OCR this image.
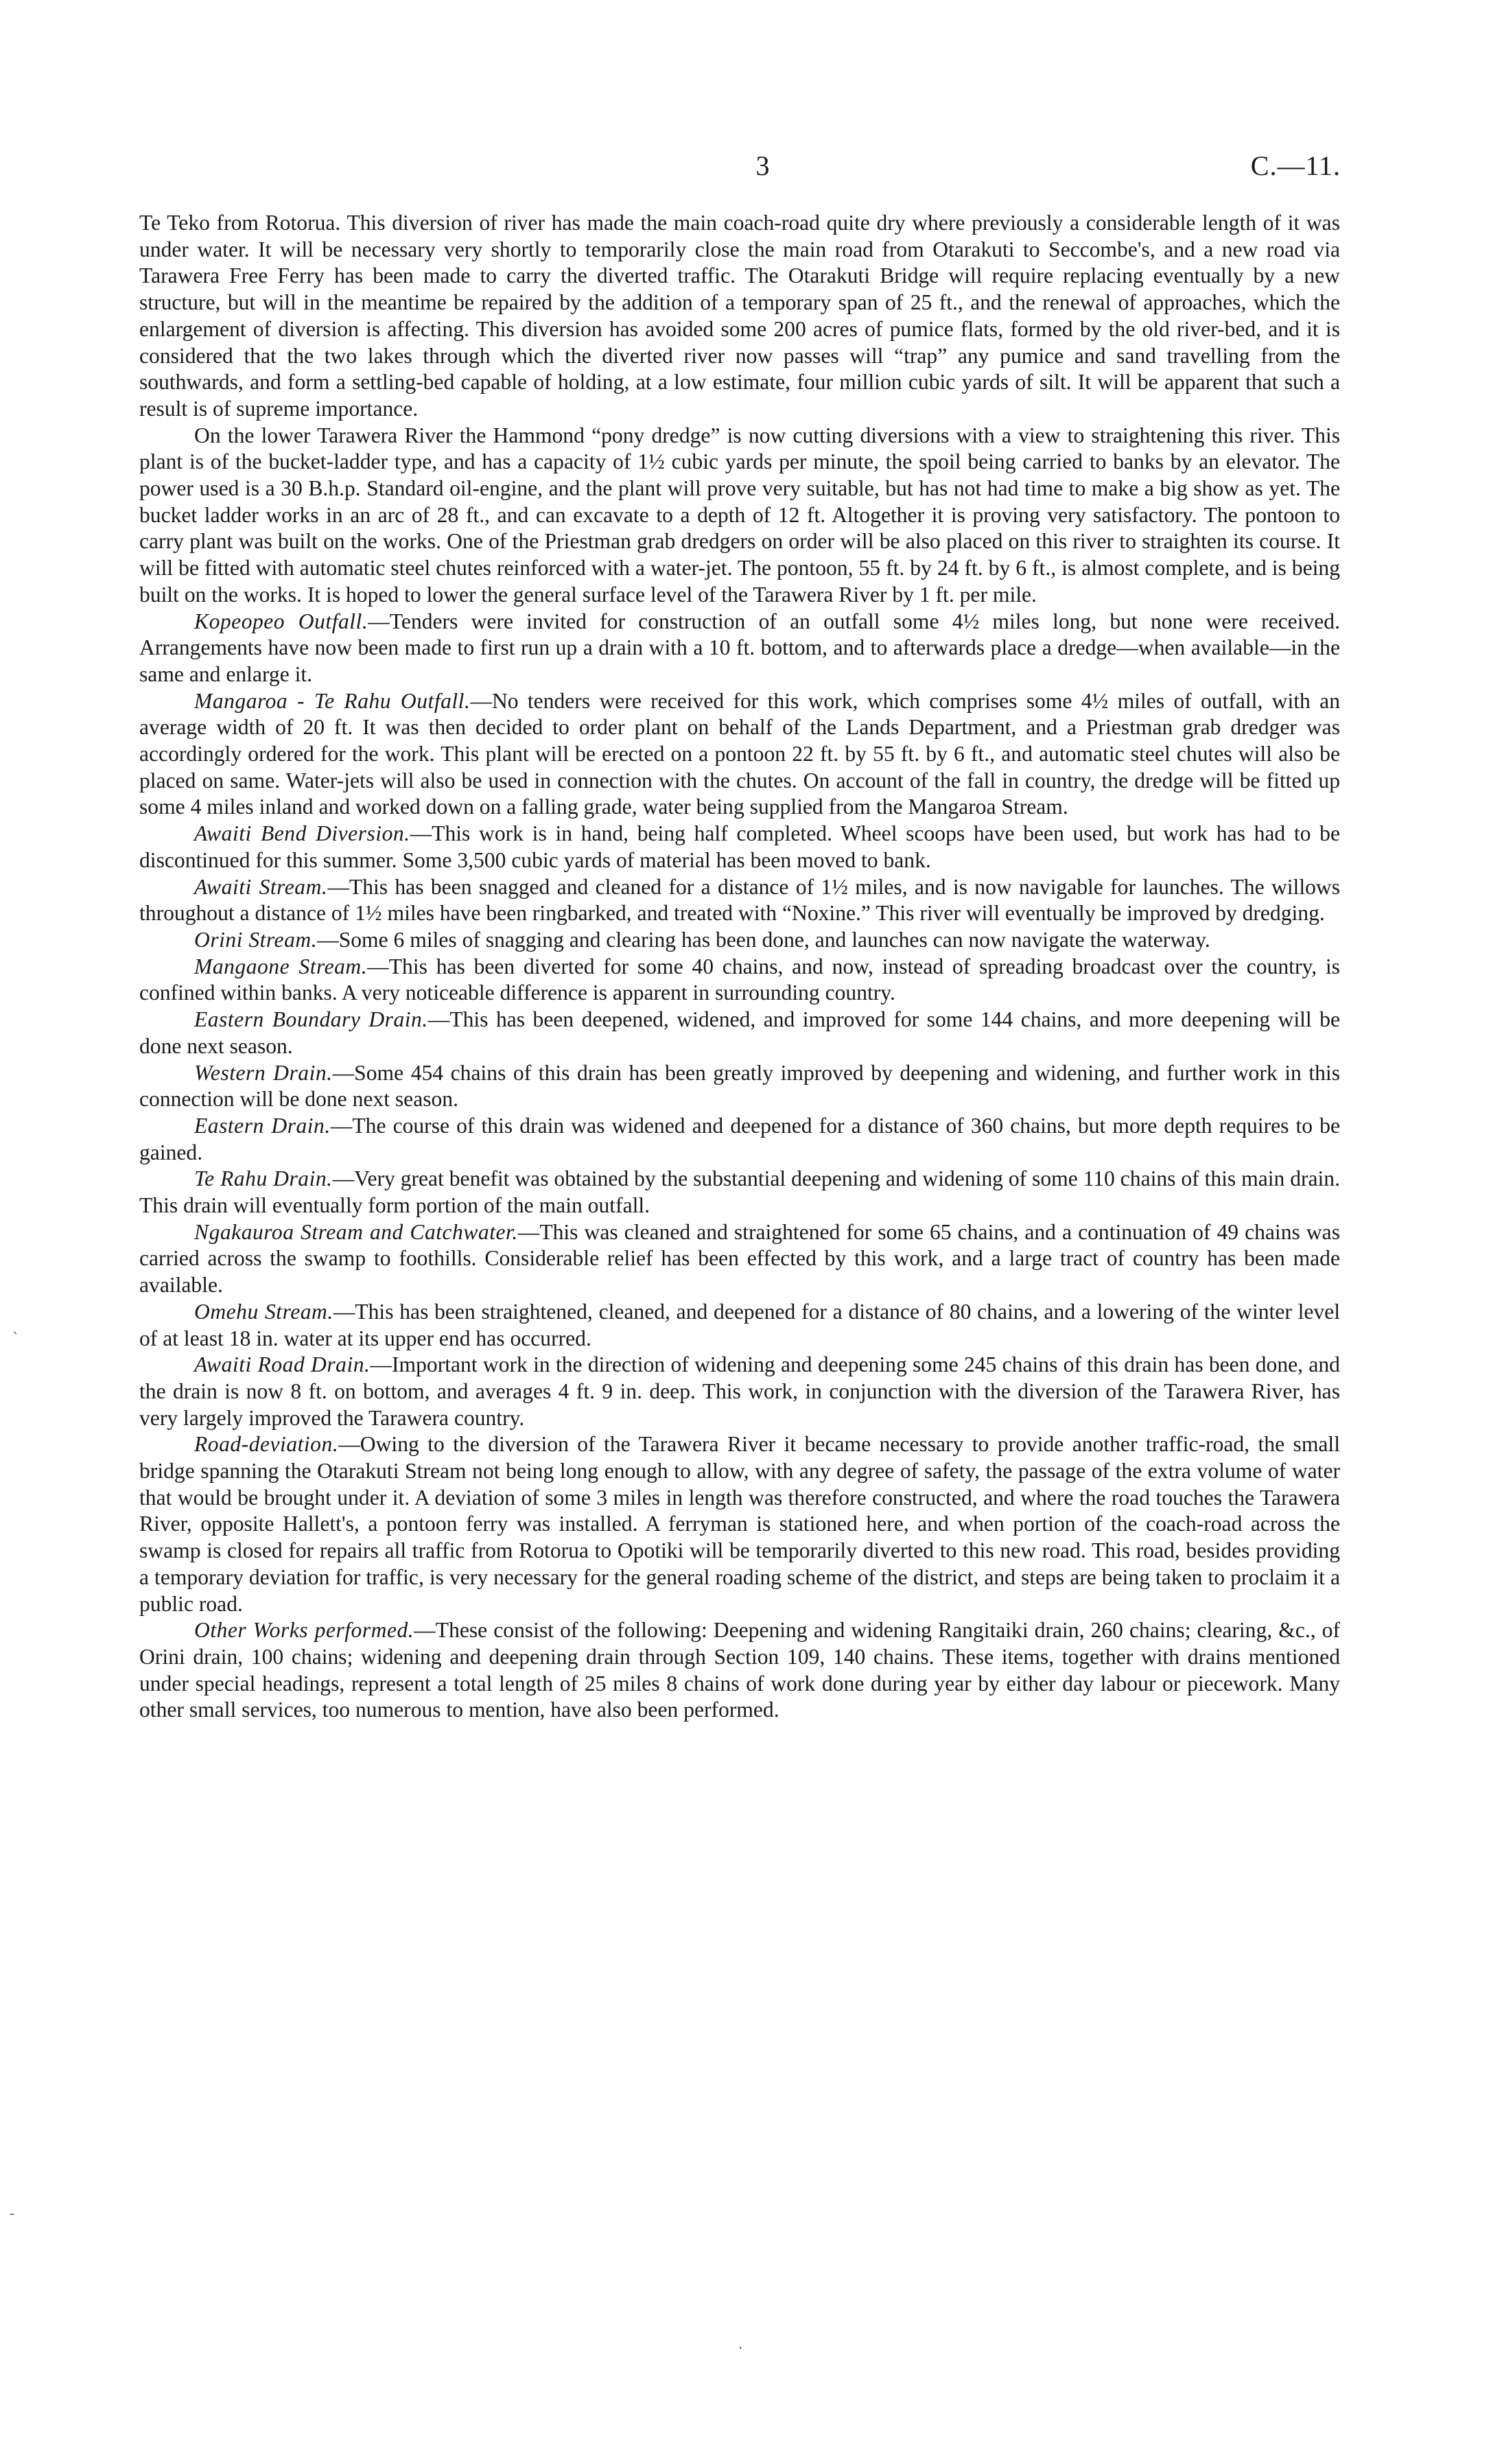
3	C.—11.

Te Teko from Rotorua. This diversion of river has made the main coach-road quite dry where previously a considerable length of it was under water. It will be necessary very shortly to temporarily close the main road from Otarakuti to Seccombe's, and a new road via Tarawera Free Ferry has been made to carry the diverted traffic. The Otarakuti Bridge will require replacing eventually by a new structure, but will in the meantime be repaired by the addition of a temporary span of 25 ft., and the renewal of approaches, which the enlargement of diversion is affecting. This diversion has avoided some 200 acres of pumice flats, formed by the old river-bed, and it is considered that the two lakes through which the diverted river now passes will “trap” any pumice and sand travelling from the southwards, and form a settling-bed capable of holding, at a low estimate, four million cubic yards of silt. It will be apparent that such a result is of supreme importance.

On the lower Tarawera River the Hammond “pony dredge” is now cutting diversions with a view to straightening this river. This plant is of the bucket-ladder type, and has a capacity of 1½ cubic yards per minute, the spoil being carried to banks by an elevator. The power used is a 30 B.h.p. Standard oil-engine, and the plant will prove very suitable, but has not had time to make a big show as yet. The bucket ladder works in an arc of 28 ft., and can excavate to a depth of 12 ft. Altogether it is proving very satisfactory. The pontoon to carry plant was built on the works. One of the Priestman grab dredgers on order will be also placed on this river to straighten its course. It will be fitted with automatic steel chutes reinforced with a water-jet. The pontoon, 55 ft. by 24 ft. by 6 ft., is almost complete, and is being built on the works. It is hoped to lower the general surface level of the Tarawera River by 1 ft. per mile.

Kopeopeo Outfall.—Tenders were invited for construction of an outfall some 4½ miles long, but none were received. Arrangements have now been made to first run up a drain with a 10 ft. bottom, and to afterwards place a dredge—when available—in the same and enlarge it.

Mangaroa - Te Rahu Outfall.—No tenders were received for this work, which comprises some 4½ miles of outfall, with an average width of 20 ft. It was then decided to order plant on behalf of the Lands Department, and a Priestman grab dredger was accordingly ordered for the work. This plant will be erected on a pontoon 22 ft. by 55 ft. by 6 ft., and automatic steel chutes will also be placed on same. Water-jets will also be used in connection with the chutes. On account of the fall in country, the dredge will be fitted up some 4 miles inland and worked down on a falling grade, water being supplied from the Mangaroa Stream.

Awaiti Bend Diversion.—This work is in hand, being half completed. Wheel scoops have been used, but work has had to be discontinued for this summer. Some 3,500 cubic yards of material has been moved to bank.

Awaiti Stream.—This has been snagged and cleaned for a distance of 1½ miles, and is now navigable for launches. The willows throughout a distance of 1½ miles have been ringbarked, and treated with “Noxine.” This river will eventually be improved by dredging.

Orini Stream.—Some 6 miles of snagging and clearing has been done, and launches can now navigate the waterway.

Mangaone Stream.—This has been diverted for some 40 chains, and now, instead of spreading broadcast over the country, is confined within banks. A very noticeable difference is apparent in surrounding country.

Eastern Boundary Drain.—This has been deepened, widened, and improved for some 144 chains, and more deepening will be done next season.

Western Drain.—Some 454 chains of this drain has been greatly improved by deepening and widening, and further work in this connection will be done next season.

Eastern Drain.—The course of this drain was widened and deepened for a distance of 360 chains, but more depth requires to be gained.

Te Rahu Drain.—Very great benefit was obtained by the substantial deepening and widening of some 110 chains of this main drain. This drain will eventually form portion of the main outfall.

Ngakauroa Stream and Catchwater.—This was cleaned and straightened for some 65 chains, and a continuation of 49 chains was carried across the swamp to foothills. Considerable relief has been effected by this work, and a large tract of country has been made available.

Omehu Stream.—This has been straightened, cleaned, and deepened for a distance of 80 chains, and a lowering of the winter level of at least 18 in. water at its upper end has occurred.

Awaiti Road Drain.—Important work in the direction of widening and deepening some 245 chains of this drain has been done, and the drain is now 8 ft. on bottom, and averages 4 ft. 9 in. deep. This work, in conjunction with the diversion of the Tarawera River, has very largely improved the Tarawera country.

Road-deviation.—Owing to the diversion of the Tarawera River it became necessary to provide another traffic-road, the small bridge spanning the Otarakuti Stream not being long enough to allow, with any degree of safety, the passage of the extra volume of water that would be brought under it. A deviation of some 3 miles in length was therefore constructed, and where the road touches the Tarawera River, opposite Hallett's, a pontoon ferry was installed. A ferryman is stationed here, and when portion of the coach-road across the swamp is closed for repairs all traffic from Rotorua to Opotiki will be temporarily diverted to this new road. This road, besides providing a temporary deviation for traffic, is very necessary for the general roading scheme of the district, and steps are being taken to proclaim it a public road.

Other Works performed.—These consist of the following: Deepening and widening Rangitaiki drain, 260 chains; clearing, &c., of Orini drain, 100 chains; widening and deepening drain through Section 109, 140 chains. These items, together with drains mentioned under special headings, represent a total length of 25 miles 8 chains of work done during year by either day labour or piecework. Many other small services, too numerous to mention, have also been performed.

`
-
·
